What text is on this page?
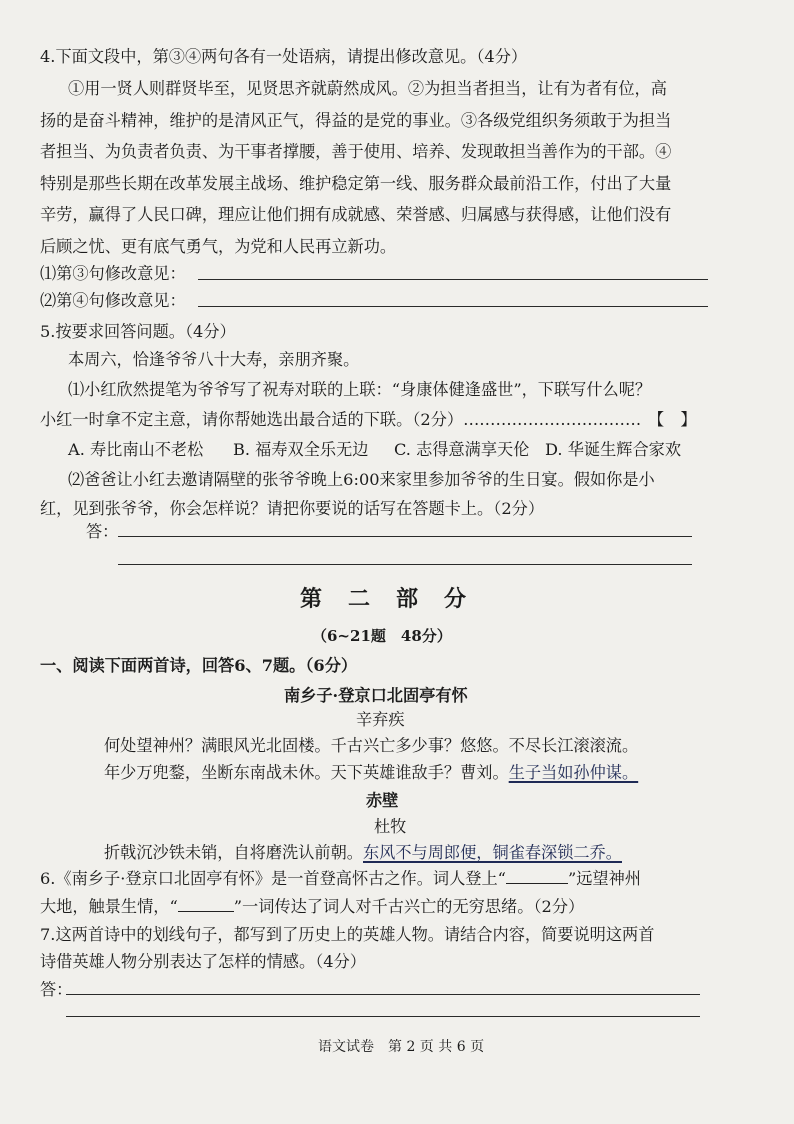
4.下面文段中，第③④两句各有一处语病，请提出修改意见。（4分）
①用一贤人则群贤毕至，见贤思齐就蔚然成风。②为担当者担当，让有为者有位，高
扬的是奋斗精神，维护的是清风正气，得益的是党的事业。③各级党组织务须敢于为担当
者担当、为负责者负责、为干事者撑腰，善于使用、培养、发现敢担当善作为的干部。④
特别是那些长期在改革发展主战场、维护稳定第一线、服务群众最前沿工作，付出了大量
辛劳，赢得了人民口碑，理应让他们拥有成就感、荣誉感、归属感与获得感，让他们没有
后顾之忧、更有底气勇气，为党和人民再立新功。
⑴第③句修改意见：
⑵第④句修改意见：
5.按要求回答问题。（4分）
本周六，恰逢爷爷八十大寿，亲朋齐聚。
⑴小红欣然提笔为爷爷写了祝寿对联的上联：“身康体健逢盛世”，下联写什么呢？
小红一时拿不定主意，请你帮她选出最合适的下联。（2分）…………………………… 【　】
A. 寿比南山不老松 B. 福寿双全乐无边 C. 志得意满享天伦 D. 华诞生辉合家欢
⑵爸爸让小红去邀请隔壁的张爷爷晚上6:00来家里参加爷爷的生日宴。假如你是小
红，见到张爷爷，你会怎样说？请把你要说的话写在答题卡上。（2分）
答：
第二部分
（6~21题　48分）
一、阅读下面两首诗，回答6、7题。（6分）
南乡子·登京口北固亭有怀
辛弃疾
何处望神州？满眼风光北固楼。千古兴亡多少事？悠悠。不尽长江滚滚流。
年少万兜鍪，坐断东南战未休。天下英雄谁敌手？曹刘。生子当如孙仲谋。
赤壁
杜牧
折戟沉沙铁未销，自将磨洗认前朝。东风不与周郎便，铜雀春深锁二乔。
6.《南乡子·登京口北固亭有怀》是一首登高怀古之作。词人登上“	”远望神州
大地，触景生情，“	”一词传达了词人对千古兴亡的无穷思绪。（2分）
7.这两首诗中的划线句子，都写到了历史上的英雄人物。请结合内容，简要说明这两首
诗借英雄人物分别表达了怎样的情感。（4分）
答：
语文试卷　第 2 页 共 6 页
